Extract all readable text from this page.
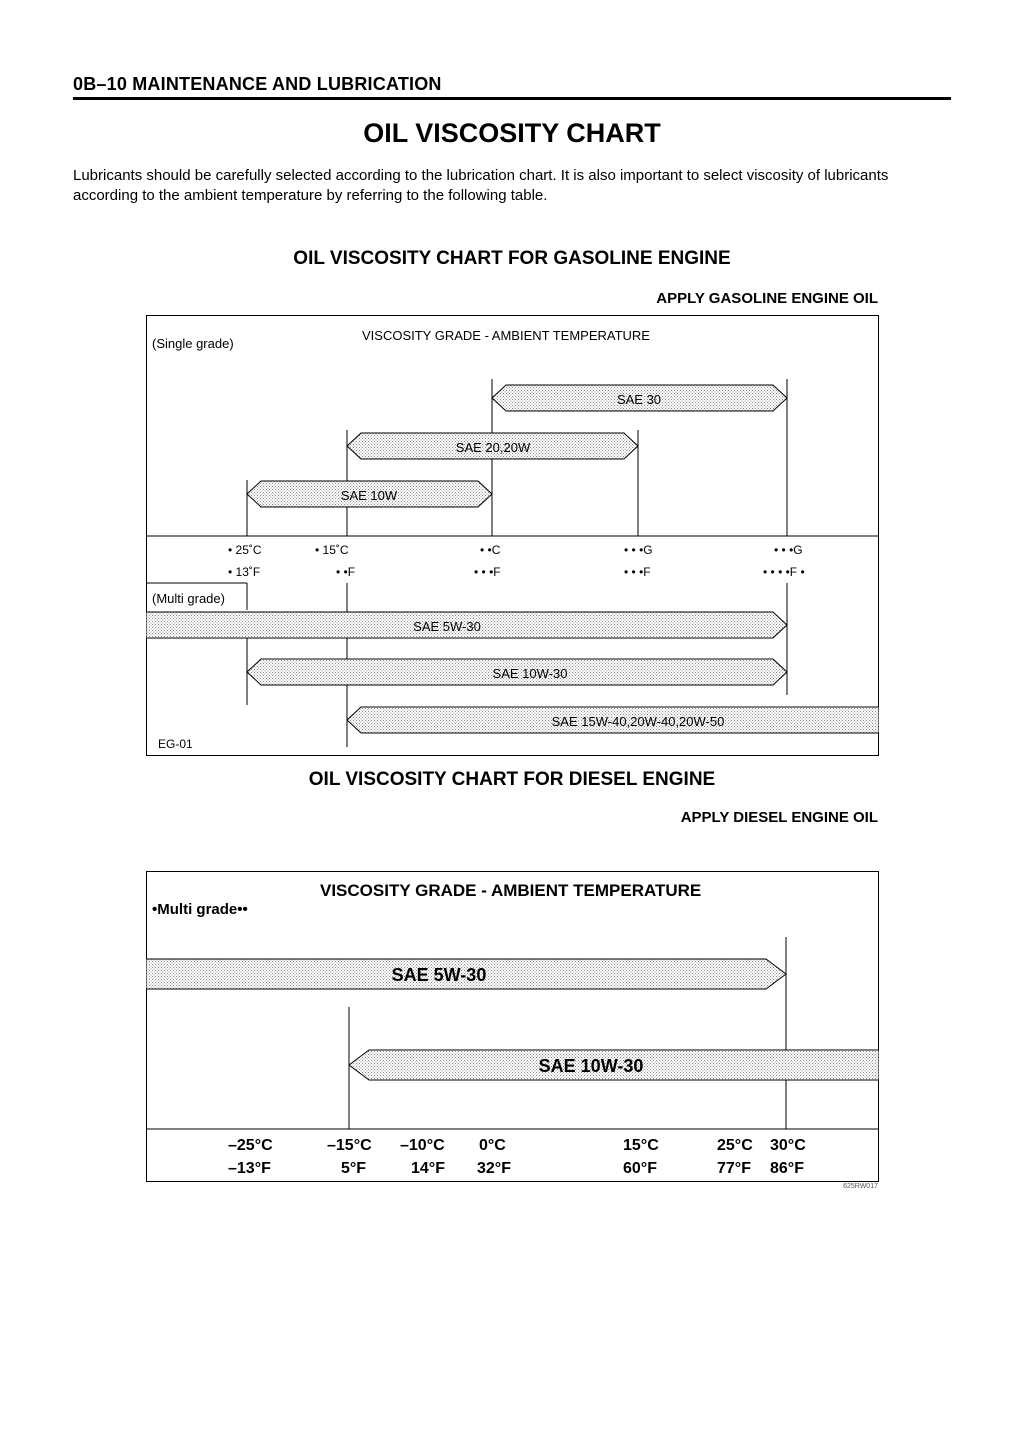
0B–10 MAINTENANCE AND LUBRICATION
OIL VISCOSITY CHART
Lubricants should be carefully selected according to the lubrication chart. It is also important to select viscosity of lubricants according to the ambient temperature by referring to the following table.
OIL VISCOSITY CHART FOR GASOLINE ENGINE
APPLY GASOLINE ENGINE OIL
(Single grade)
VISCOSITY GRADE - AMBIENT TEMPERATURE
SAE 30
SAE 20,20W
SAE 10W
• 25˚C	• 15˚C	• •C	• • •G	• • •G
• 13˚F	• •F	• • •F	• • •F	• • • •F •
(Multi grade)
SAE 5W-30
SAE 10W-30
SAE 15W-40,20W-40,20W-50
EG-01
OIL VISCOSITY CHART FOR DIESEL ENGINE
APPLY DIESEL ENGINE OIL
VISCOSITY GRADE - AMBIENT TEMPERATURE
•Multi grade••
SAE 5W-30
SAE 10W-30
–25°C	–15°C –10°C 0°C	15°C	25°C 30°C
–13°F	5°F	14°F 32°F	60°F	77°F 86°F
625RW017
